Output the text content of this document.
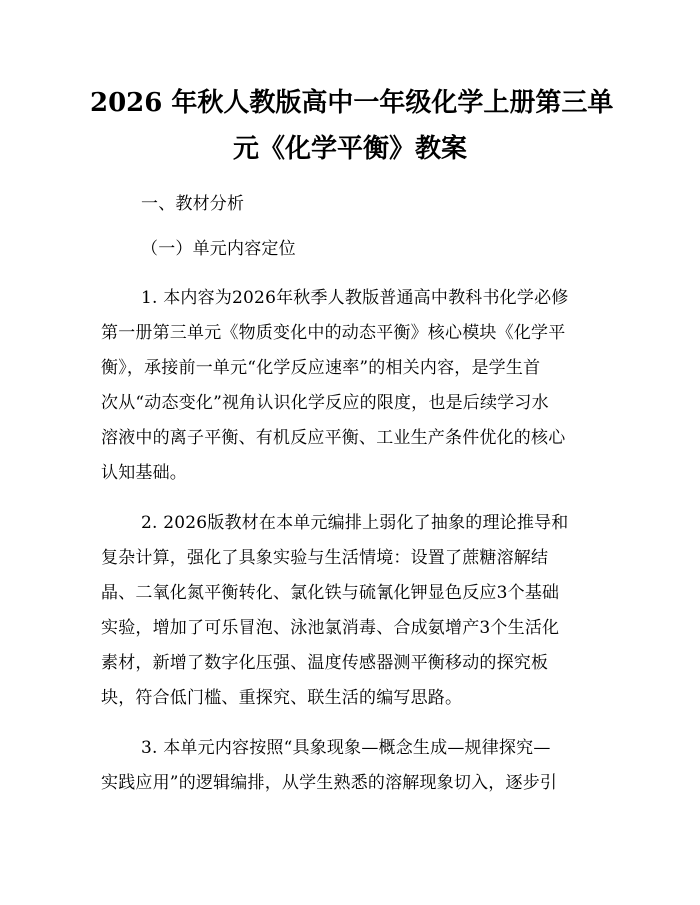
2026 年秋人教版高中一年级化学上册第三单
元《化学平衡》教案
一、教材分析
（一）单元内容定位
1. 本内容为2026年秋季人教版普通高中教科书化学必修
第一册第三单元《物质变化中的动态平衡》核心模块《化学平
衡》，承接前一单元“化学反应速率”的相关内容，是学生首
次从“动态变化”视角认识化学反应的限度，也是后续学习水
溶液中的离子平衡、有机反应平衡、工业生产条件优化的核心
认知基础。
2. 2026版教材在本单元编排上弱化了抽象的理论推导和
复杂计算，强化了具象实验与生活情境：设置了蔗糖溶解结
晶、二氧化氮平衡转化、氯化铁与硫氰化钾显色反应3个基础
实验，增加了可乐冒泡、泳池氯消毒、合成氨增产3个生活化
素材，新增了数字化压强、温度传感器测平衡移动的探究板
块，符合低门槛、重探究、联生活的编写思路。
3. 本单元内容按照“具象现象—概念生成—规律探究—
实践应用”的逻辑编排，从学生熟悉的溶解现象切入，逐步引
